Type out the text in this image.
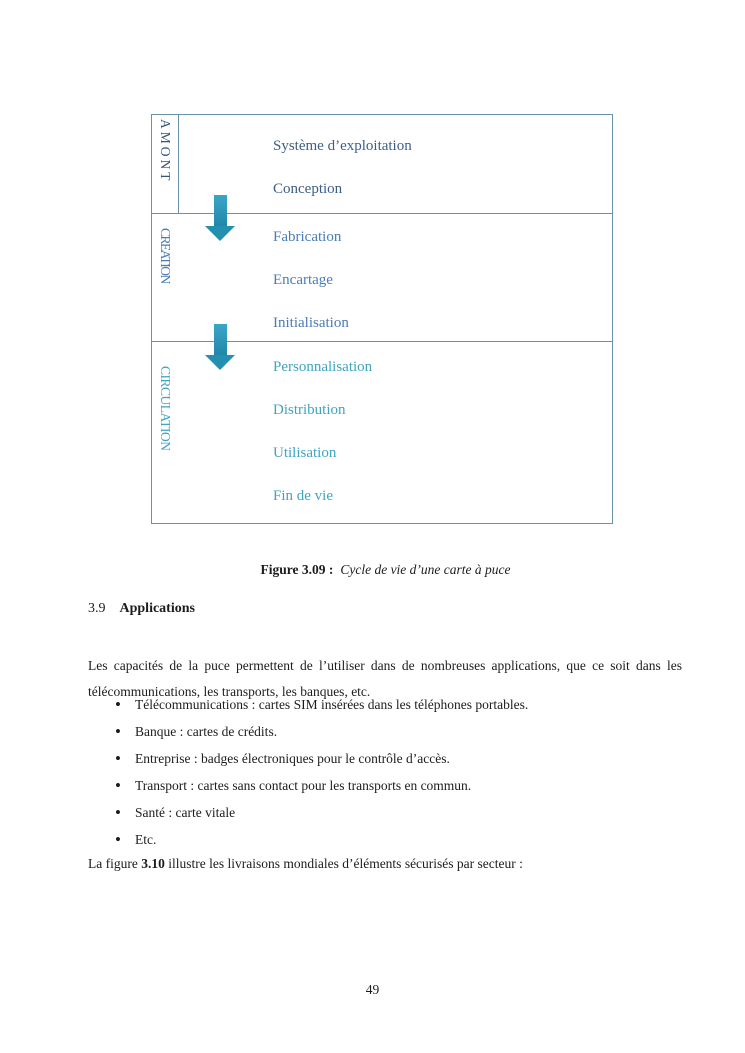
AMONT	Système d’exploitation
Conception
CREATION	Fabrication
Encartage
Initialisation
CIRCULATION	Personnalisation
Distribution
Utilisation
Fin de vie
Figure 3.09 : Cycle de vie d’une carte à puce
3.9 Applications

Les capacités de la puce permettent de l’utiliser dans de nombreuses applications, que ce soit dans les télécommunications, les transports, les banques, etc.

• Télécommunications : cartes SIM insérées dans les téléphones portables.
• Banque : cartes de crédits.
• Entreprise : badges électroniques pour le contrôle d’accès.
• Transport : cartes sans contact pour les transports en commun.
• Santé : carte vitale
• Etc.
La figure 3.10 illustre les livraisons mondiales d’éléments sécurisés par secteur :
49
